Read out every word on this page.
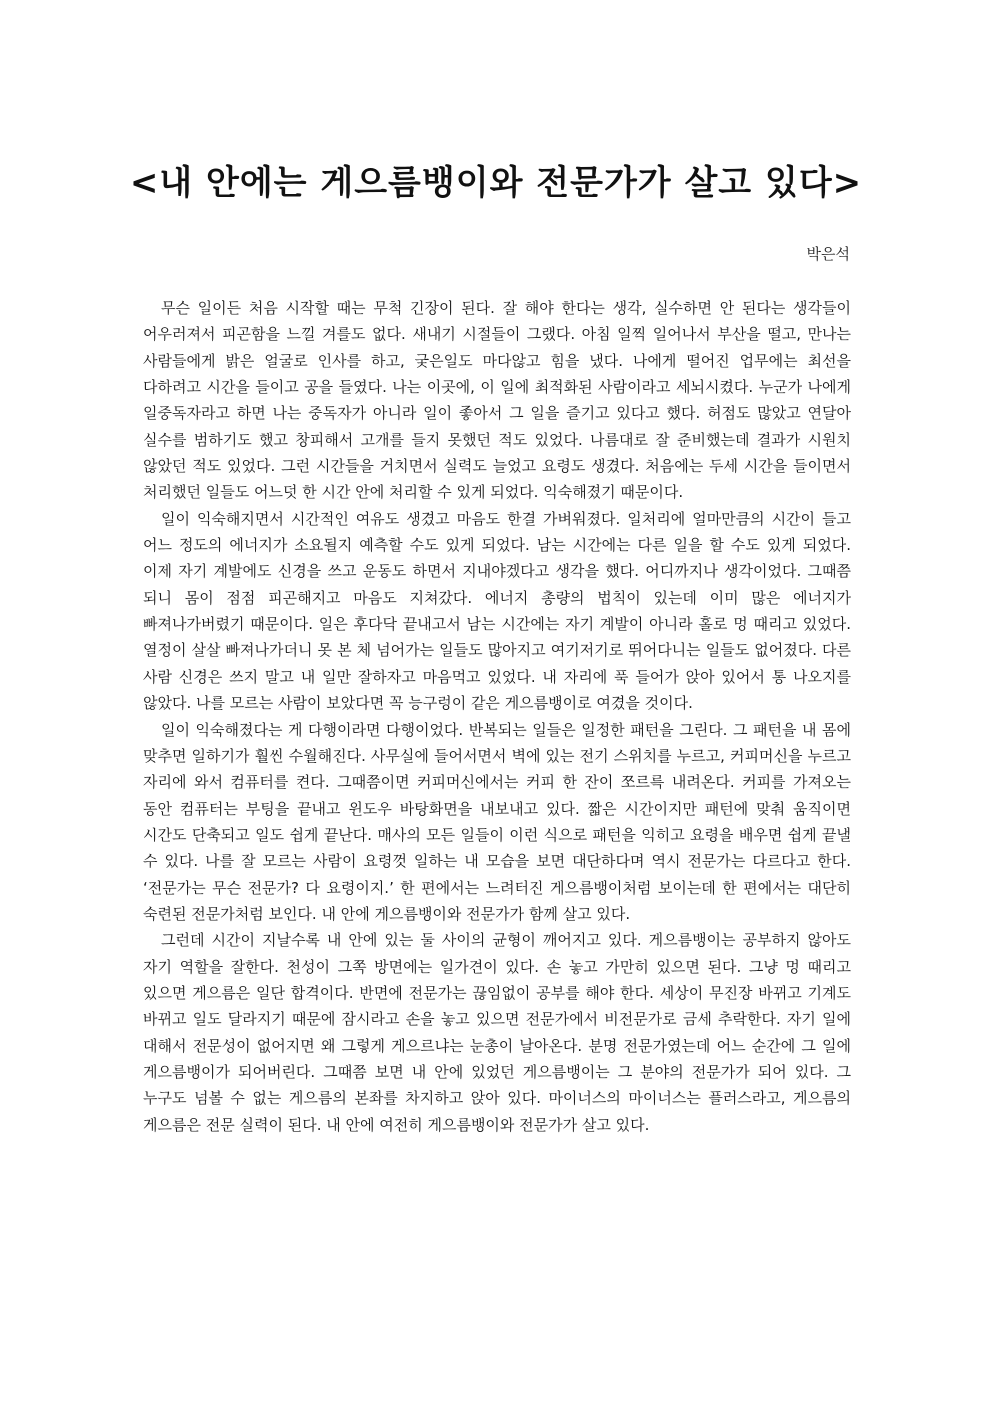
<내 안에는 게으름뱅이와 전문가가 살고 있다>

박은석

무슨 일이든 처음 시작할 때는 무척 긴장이 된다. 잘 해야 한다는 생각, 실수하면 안 된다는 생각들이 어우러져서 피곤함을 느낄 겨를도 없다. 새내기 시절들이 그랬다. 아침 일찍 일어나서 부산을 떨고, 만나는 사람들에게 밝은 얼굴로 인사를 하고, 궂은일도 마다않고 힘을 냈다. 나에게 떨어진 업무에는 최선을 다하려고 시간을 들이고 공을 들였다. 나는 이곳에, 이 일에 최적화된 사람이라고 세뇌시켰다. 누군가 나에게 일중독자라고 하면 나는 중독자가 아니라 일이 좋아서 그 일을 즐기고 있다고 했다. 허점도 많았고 연달아 실수를 범하기도 했고 창피해서 고개를 들지 못했던 적도 있었다. 나름대로 잘 준비했는데 결과가 시원치 않았던 적도 있었다. 그런 시간들을 거치면서 실력도 늘었고 요령도 생겼다. 처음에는 두세 시간을 들이면서 처리했던 일들도 어느덧 한 시간 안에 처리할 수 있게 되었다. 익숙해졌기 때문이다.

일이 익숙해지면서 시간적인 여유도 생겼고 마음도 한결 가벼워졌다. 일처리에 얼마만큼의 시간이 들고 어느 정도의 에너지가 소요될지 예측할 수도 있게 되었다. 남는 시간에는 다른 일을 할 수도 있게 되었다. 이제 자기 계발에도 신경을 쓰고 운동도 하면서 지내야겠다고 생각을 했다. 어디까지나 생각이었다. 그때쯤 되니 몸이 점점 피곤해지고 마음도 지쳐갔다. 에너지 총량의 법칙이 있는데 이미 많은 에너지가 빠져나가버렸기 때문이다. 일은 후다닥 끝내고서 남는 시간에는 자기 계발이 아니라 홀로 멍 때리고 있었다. 열정이 살살 빠져나가더니 못 본 체 넘어가는 일들도 많아지고 여기저기로 뛰어다니는 일들도 없어졌다. 다른 사람 신경은 쓰지 말고 내 일만 잘하자고 마음먹고 있었다. 내 자리에 푹 들어가 앉아 있어서 통 나오지를 않았다. 나를 모르는 사람이 보았다면 꼭 능구렁이 같은 게으름뱅이로 여겼을 것이다.

일이 익숙해졌다는 게 다행이라면 다행이었다. 반복되는 일들은 일정한 패턴을 그린다. 그 패턴을 내 몸에 맞추면 일하기가 훨씬 수월해진다. 사무실에 들어서면서 벽에 있는 전기 스위치를 누르고, 커피머신을 누르고 자리에 와서 컴퓨터를 켠다. 그때쯤이면 커피머신에서는 커피 한 잔이 쪼르륵 내려온다. 커피를 가져오는 동안 컴퓨터는 부팅을 끝내고 윈도우 바탕화면을 내보내고 있다. 짧은 시간이지만 패턴에 맞춰 움직이면 시간도 단축되고 일도 쉽게 끝난다. 매사의 모든 일들이 이런 식으로 패턴을 익히고 요령을 배우면 쉽게 끝낼 수 있다. 나를 잘 모르는 사람이 요령껏 일하는 내 모습을 보면 대단하다며 역시 전문가는 다르다고 한다. ‘전문가는 무슨 전문가? 다 요령이지.’ 한 편에서는 느려터진 게으름뱅이처럼 보이는데 한 편에서는 대단히 숙련된 전문가처럼 보인다. 내 안에 게으름뱅이와 전문가가 함께 살고 있다.

그런데 시간이 지날수록 내 안에 있는 둘 사이의 균형이 깨어지고 있다. 게으름뱅이는 공부하지 않아도 자기 역할을 잘한다. 천성이 그쪽 방면에는 일가견이 있다. 손 놓고 가만히 있으면 된다. 그냥 멍 때리고 있으면 게으름은 일단 합격이다. 반면에 전문가는 끊임없이 공부를 해야 한다. 세상이 무진장 바뀌고 기계도 바뀌고 일도 달라지기 때문에 잠시라고 손을 놓고 있으면 전문가에서 비전문가로 금세 추락한다. 자기 일에 대해서 전문성이 없어지면 왜 그렇게 게으르냐는 눈총이 날아온다. 분명 전문가였는데 어느 순간에 그 일에 게으름뱅이가 되어버린다. 그때쯤 보면 내 안에 있었던 게으름뱅이는 그 분야의 전문가가 되어 있다. 그 누구도 넘볼 수 없는 게으름의 본좌를 차지하고 앉아 있다. 마이너스의 마이너스는 플러스라고, 게으름의 게으름은 전문 실력이 된다. 내 안에 여전히 게으름뱅이와 전문가가 살고 있다.
